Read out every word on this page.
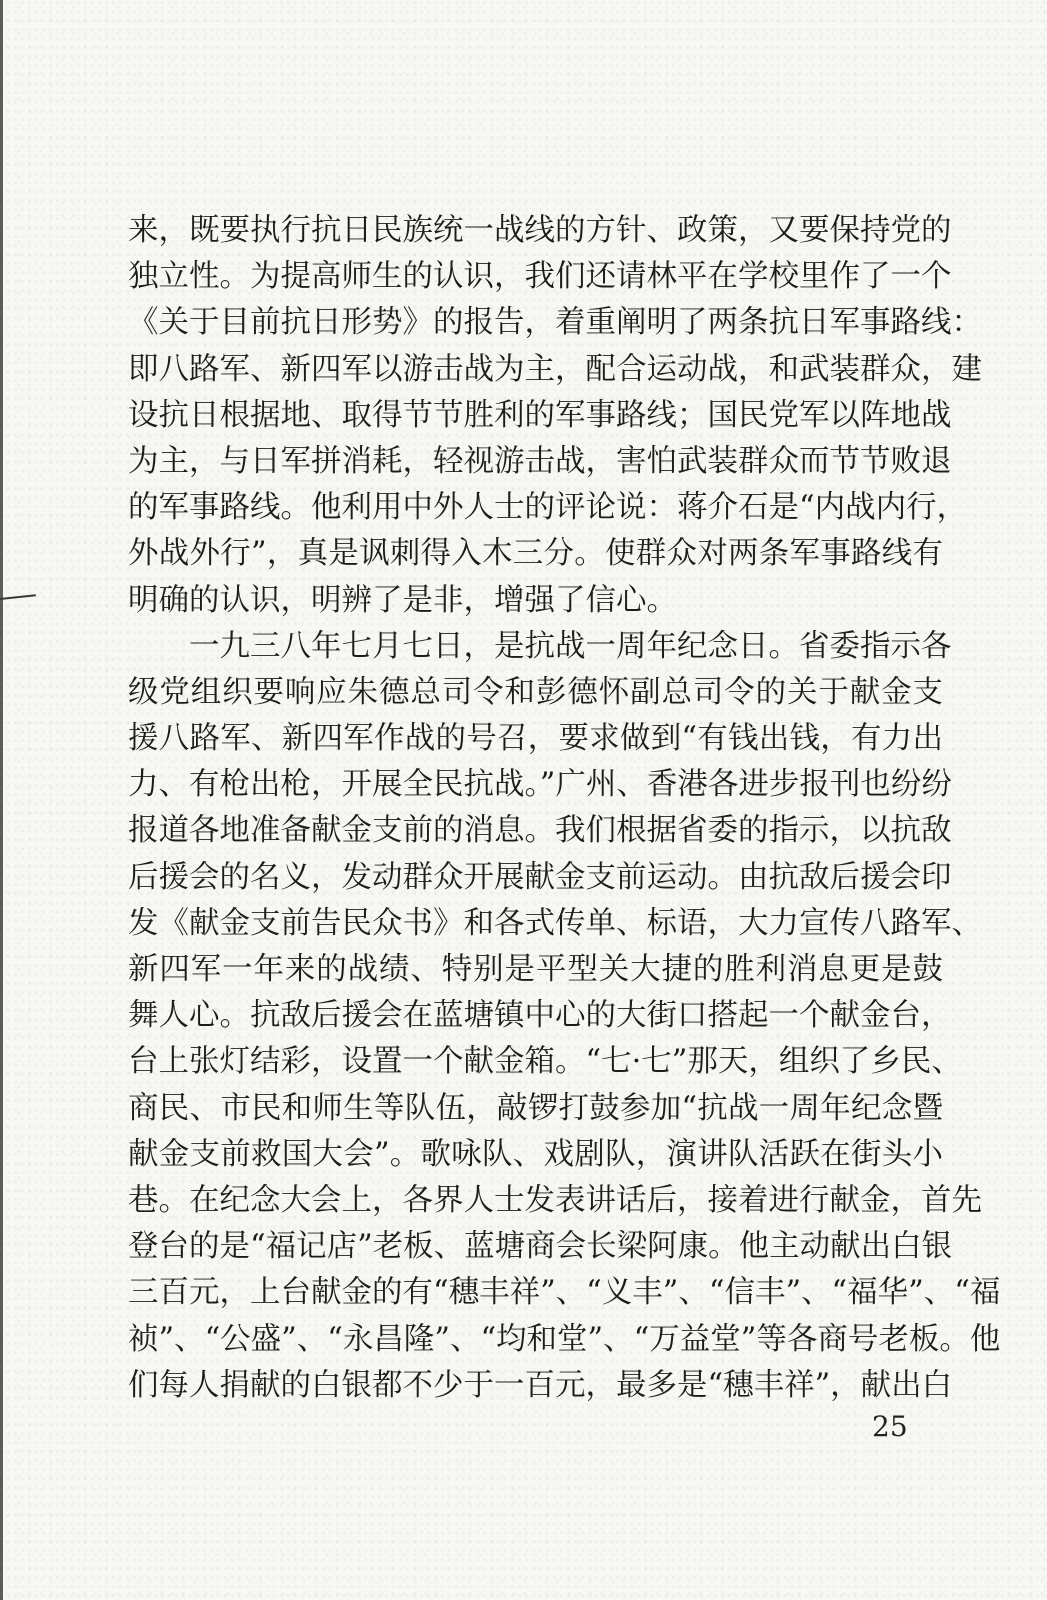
来，既要执行抗日民族统一战线的方针、政策，又要保持党的
独立性。为提高师生的认识，我们还请林平在学校里作了一个
《关于目前抗日形势》的报告，着重阐明了两条抗日军事路线：
即八路军、新四军以游击战为主，配合运动战，和武装群众，建
设抗日根据地、取得节节胜利的军事路线；国民党军以阵地战
为主，与日军拼消耗，轻视游击战，害怕武装群众而节节败退
的军事路线。他利用中外人士的评论说：蒋介石是“内战内行，
外战外行”，真是讽刺得入木三分。使群众对两条军事路线有
明确的认识，明辨了是非，增强了信心。
一九三八年七月七日，是抗战一周年纪念日。省委指示各
级党组织要响应朱德总司令和彭德怀副总司令的关于献金支
援八路军、新四军作战的号召，要求做到“有钱出钱，有力出
力、有枪出枪，开展全民抗战。”广州、香港各进步报刊也纷纷
报道各地准备献金支前的消息。我们根据省委的指示，以抗敌
后援会的名义，发动群众开展献金支前运动。由抗敌后援会印
发《献金支前告民众书》和各式传单、标语，大力宣传八路军、
新四军一年来的战绩、特别是平型关大捷的胜利消息更是鼓
舞人心。抗敌后援会在蓝塘镇中心的大街口搭起一个献金台，
台上张灯结彩，设置一个献金箱。“七·七”那天，组织了乡民、
商民、市民和师生等队伍，敲锣打鼓参加“抗战一周年纪念暨
献金支前救国大会”。歌咏队、戏剧队，演讲队活跃在街头小
巷。在纪念大会上，各界人士发表讲话后，接着进行献金，首先
登台的是“福记店”老板、蓝塘商会长梁阿康。他主动献出白银
三百元，上台献金的有“穗丰祥”、“义丰”、“信丰”、“福华”、“福
祯”、“公盛”、“永昌隆”、“均和堂”、“万益堂”等各商号老板。他
们每人捐献的白银都不少于一百元，最多是“穗丰祥”，献出白
25
